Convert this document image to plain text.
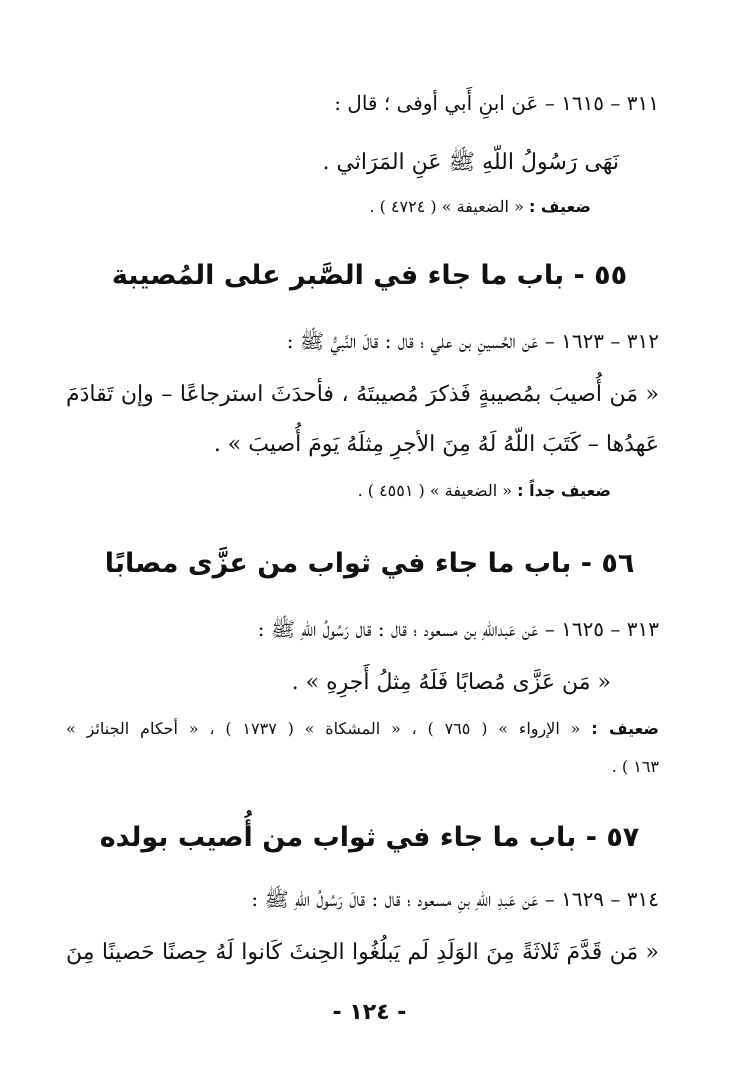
٣١١ – ١٦١٥ – عَن ابنِ أَبي أوفى ؛ قال :
نَهَى رَسُولُ اللّهِ ﷺ عَنِ المَرَاثي .
ضعيف : « الضعيفة » ( ٤٧٢٤ ) .
٥٥ - باب ما جاء في الصَّبر على المُصيبة
٣١٢ – ١٦٢٣ – عَن الحُسينِ بن علي ؛ قال : قالَ النَّبيُّ ﷺ :
« مَن أُصيبَ بمُصيبةٍ فَذكرَ مُصيبتَهُ ، فأحدَثَ استرجاعًا – وإن تَقادَمَ
عَهدُها – كَتَبَ اللّهُ لَهُ مِنَ الأجرِ مِثلَهُ يَومَ أُصيبَ » .
ضعيف جداً : « الضعيفة » ( ٤٥٥١ ) .
٥٦ - باب ما جاء في ثواب من عزَّى مصابًا
٣١٣ – ١٦٢٥ – عَن عَبداللّهِ بن مسعود ؛ قال : قال رَسُولُ اللّهِ ﷺ :
« مَن عَزَّى مُصابًا فَلَهُ مِثلُ أَجرِهِ » .
ضعيف : « الإرواء » ( ٧٦٥ ) ، « المشكاة » ( ١٧٣٧ ) ، « أحكام الجنائز »
١٦٣ ) .
٥٧ - باب ما جاء في ثواب من أُصيب بولده
٣١٤ – ١٦٢٩ – عَن عَبدِ اللّهِ بنِ مسعود ؛ قال : قالَ رَسُولُ اللّهِ ﷺ :
« مَن قَدَّمَ ثَلاثَةً مِنَ الوَلَدِ لَم يَبلُغُوا الحِنثَ كَانوا لَهُ حِصنًا حَصينًا مِنَ
- ١٢٤ -
